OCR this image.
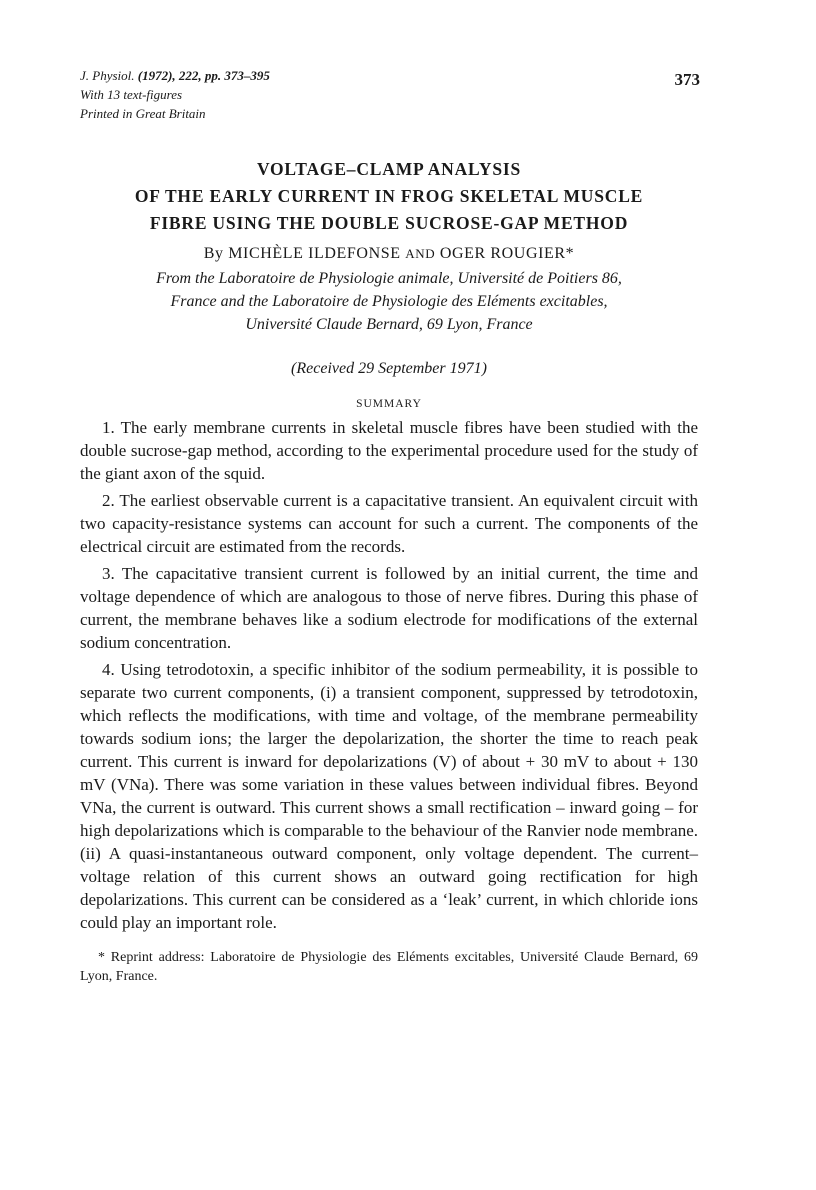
J. Physiol. (1972), 222, pp. 373–395
With 13 text-figures
Printed in Great Britain
373
VOLTAGE–CLAMP ANALYSIS
OF THE EARLY CURRENT IN FROG SKELETAL MUSCLE
FIBRE USING THE DOUBLE SUCROSE-GAP METHOD
By MICHÈLE ILDEFONSE AND OGER ROUGIER*
From the Laboratoire de Physiologie animale, Université de Poitiers 86,
France and the Laboratoire de Physiologie des Eléments excitables,
Université Claude Bernard, 69 Lyon, France
(Received 29 September 1971)
SUMMARY

1. The early membrane currents in skeletal muscle fibres have been studied with the double sucrose-gap method, according to the experimental procedure used for the study of the giant axon of the squid.

2. The earliest observable current is a capacitative transient. An equivalent circuit with two capacity-resistance systems can account for such a current. The components of the electrical circuit are estimated from the records.

3. The capacitative transient current is followed by an initial current, the time and voltage dependence of which are analogous to those of nerve fibres. During this phase of current, the membrane behaves like a sodium electrode for modifications of the external sodium concentration.

4. Using tetrodotoxin, a specific inhibitor of the sodium permeability, it is possible to separate two current components, (i) a transient component, suppressed by tetrodotoxin, which reflects the modifications, with time and voltage, of the membrane permeability towards sodium ions; the larger the depolarization, the shorter the time to reach peak current. This current is inward for depolarizations (V) of about + 30 mV to about + 130 mV (VNa). There was some variation in these values between individual fibres. Beyond VNa, the current is outward. This current shows a small rectification – inward going – for high depolarizations which is comparable to the behaviour of the Ranvier node membrane. (ii) A quasi-instantaneous outward component, only voltage dependent. The current–voltage relation of this current shows an outward going rectification for high depolarizations. This current can be considered as a ‘leak’ current, in which chloride ions could play an important role.

* Reprint address: Laboratoire de Physiologie des Eléments excitables, Université Claude Bernard, 69 Lyon, France.
